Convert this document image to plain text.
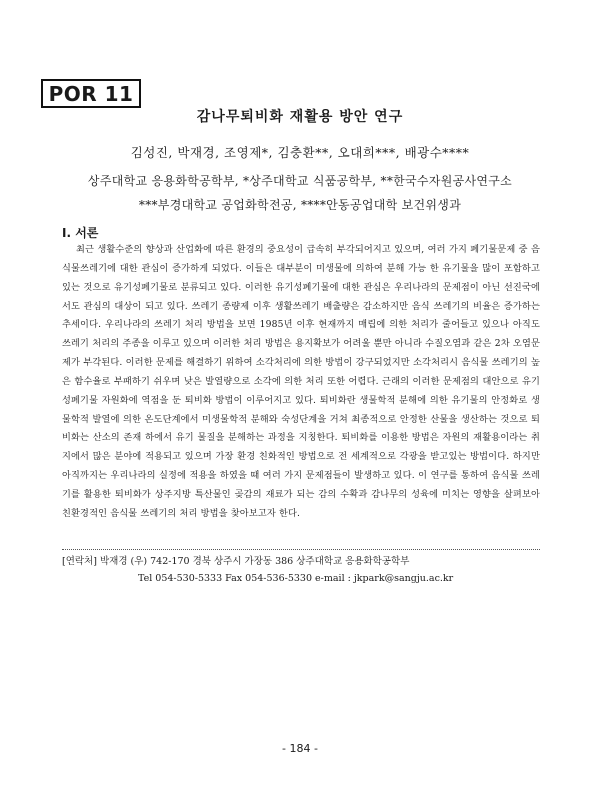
POR 11
감나무퇴비화 재활용 방안 연구
김성진, 박재경, 조영제*, 김충환**, 오대희***, 배광수****
상주대학교 응용화학공학부, *상주대학교 식품공학부, **한국수자원공사연구소
***부경대학교 공업화학전공, ****안동공업대학 보건위생과
Ⅰ. 서론
최근 생활수준의 향상과 산업화에 따른 환경의 중요성이 급속히 부각되어지고 있으며, 여러 가지 폐기물문제 중 음식물쓰레기에 대한 관심이 증가하게 되었다. 이들은 대부분이 미생물에 의하여 분해 가능 한 유기물을 많이 포함하고 있는 것으로 유기성폐기물로 분류되고 있다. 이러한 유기성폐기물에 대한 관심은 우리나라의 문제점이 아닌 선진국에서도 관심의 대상이 되고 있다. 쓰레기 종량제 이후 생활쓰레기 배출량은 감소하지만 음식 쓰레기의 비율은 증가하는 추세이다. 우리나라의 쓰레기 처리 방법을 보면 1985년 이후 현재까지 매립에 의한 처리가 줄어들고 있으나 아직도 쓰레기 처리의 주종을 이루고 있으며 이러한 처리 방법은 용지확보가 어려울 뿐만 아니라 수질오염과 같은 2차 오염문제가 부각된다. 이러한 문제를 해결하기 위하여 소각처리에 의한 방법이 강구되었지만 소각처리시 음식물 쓰레기의 높은 함수율로 부패하기 쉬우며 낮은 발열량으로 소각에 의한 처리 또한 어렵다. 근래의 이러한 문제점의 대안으로 유기성폐기물 자원화에 역점을 둔 퇴비화 방법이 이루어지고 있다. 퇴비화란 생물학적 분해에 의한 유기물의 안정화로 생물학적 발열에 의한 온도단계에서 미생물학적 분해와 숙성단계을 거쳐 최종적으로 안정한 산물을 생산하는 것으로 퇴비화는 산소의 존재 하에서 유기 물질을 분해하는 과정을 지칭한다. 퇴비화를 이용한 방법은 자원의 재활용이라는 취지에서 많은 분야에 적용되고 있으며 가장 환경 친화적인 방법으로 전 세계적으로 각광을 받고있는 방법이다. 하지만 아직까지는 우리나라의 실정에 적용을 하였을 때 여러 가지 문제점들이 발생하고 있다. 이 연구를 통하여 음식물 쓰레기를 활용한 퇴비화가 상주지방 특산물인 곶감의 재료가 되는 감의 수확과 감나무의 성육에 미치는 영향을 살펴보아 친환경적인 음식물 쓰레기의 처리 방법을 찾아보고자 한다.
[연락처] 박재경 (우) 742-170 경북 상주시 가장동 386 상주대학교 응용화학공학부
Tel 054-530-5333 Fax 054-536-5330 e-mail : jkpark@sangju.ac.kr
- 184 -
